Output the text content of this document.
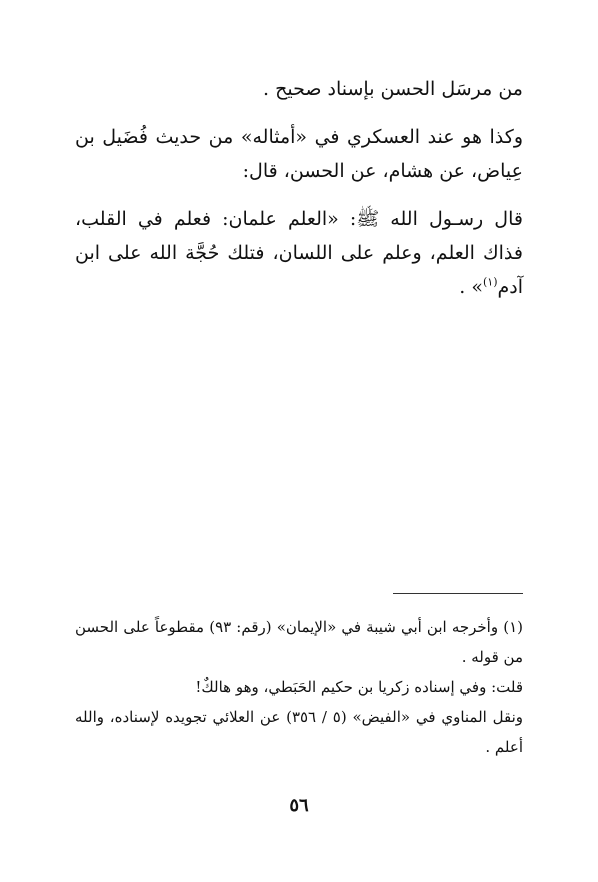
من مرسَل الحسن بإسناد صحيح .

وكذا هو عند العسكري في «أمثاله» من حديث فُضَيل بن عِياض، عن هشام، عن الحسن، قال:

قال رسـول الله ﷺ: «العلم علمان: فعلم في القلب، فذاك العلم، وعلم على اللسان، فتلك حُجَّة الله على ابن آدم$^{(١)}$» .

(١) وأخرجه ابن أبي شيبة في «الإيمان» (رقم: ٩٣) مقطوعاً على الحسن من قوله .

قلت: وفي إسناده زكريا بن حكيم الحَبَطي، وهو هالكٌ!

ونقل المناوي في «الفيض» (٥ / ٣٥٦) عن العلائي تجويده لإسناده، والله أعلم .

٥٦
